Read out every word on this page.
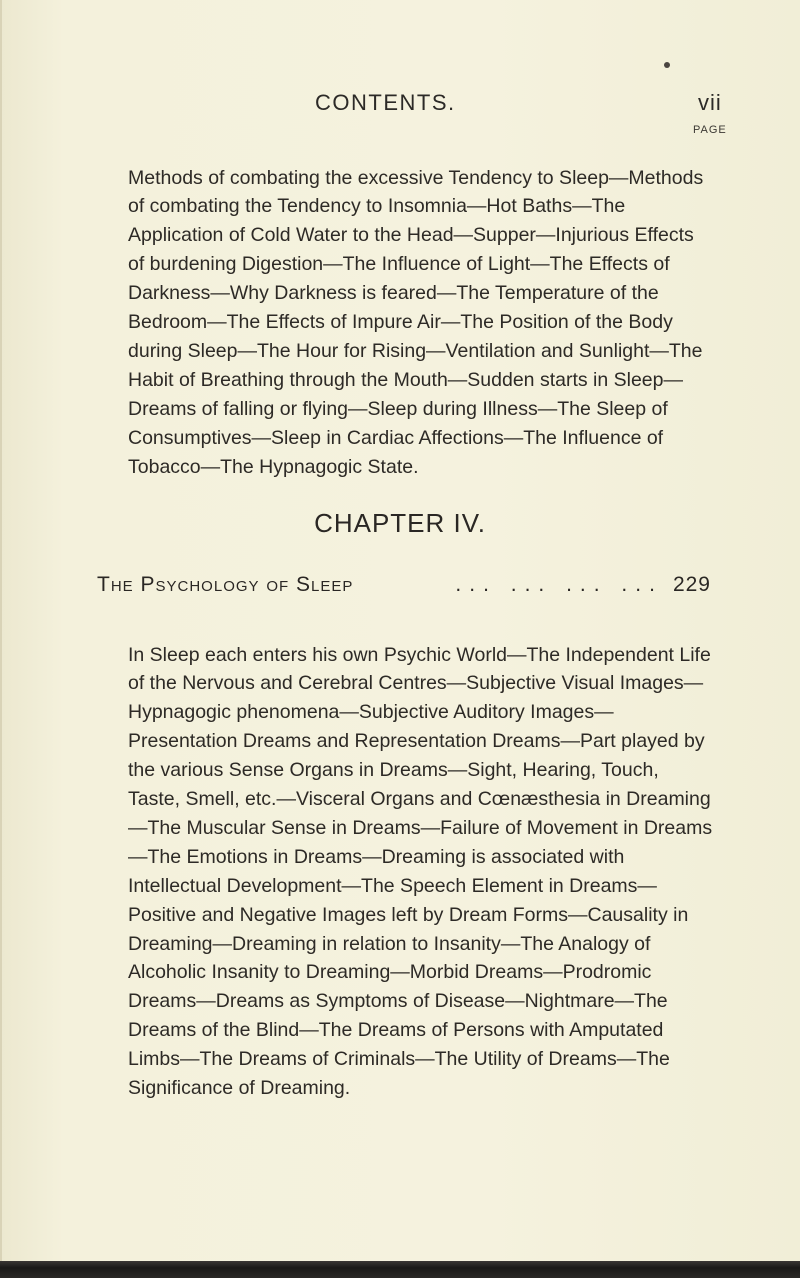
CONTENTS.	vii
PAGE

Methods of combating the excessive Tendency to Sleep—Methods of combating the Tendency to Insomnia—Hot Baths—The Application of Cold Water to the Head—Supper—Injurious Effects of burdening Digestion—The Influence of Light—The Effects of Darkness—Why Darkness is feared—The Temperature of the Bedroom—The Effects of Impure Air—The Position of the Body during Sleep—The Hour for Rising—Ventilation and Sunlight—The Habit of Breathing through the Mouth—Sudden starts in Sleep—Dreams of falling or flying—Sleep during Illness—The Sleep of Consumptives—Sleep in Cardiac Affections—The Influence of Tobacco—The Hypnagogic State.

CHAPTER IV.
The Psychology of Sleep	... ... ... ... 229

In Sleep each enters his own Psychic World—The Independent Life of the Nervous and Cerebral Centres—Subjective Visual Images—Hypnagogic phenomena—Subjective Auditory Images—Presentation Dreams and Representation Dreams—Part played by the various Sense Organs in Dreams—Sight, Hearing, Touch, Taste, Smell, etc.—Visceral Organs and Cœnæsthesia in Dreaming—The Muscular Sense in Dreams—Failure of Movement in Dreams—The Emotions in Dreams—Dreaming is associated with Intellectual Development—The Speech Element in Dreams—Positive and Negative Images left by Dream Forms—Causality in Dreaming—Dreaming in relation to Insanity—The Analogy of Alcoholic Insanity to Dreaming—Morbid Dreams—Prodromic Dreams—Dreams as Symptoms of Disease—Nightmare—The Dreams of the Blind—The Dreams of Persons with Amputated Limbs—The Dreams of Criminals—The Utility of Dreams—The Significance of Dreaming.
